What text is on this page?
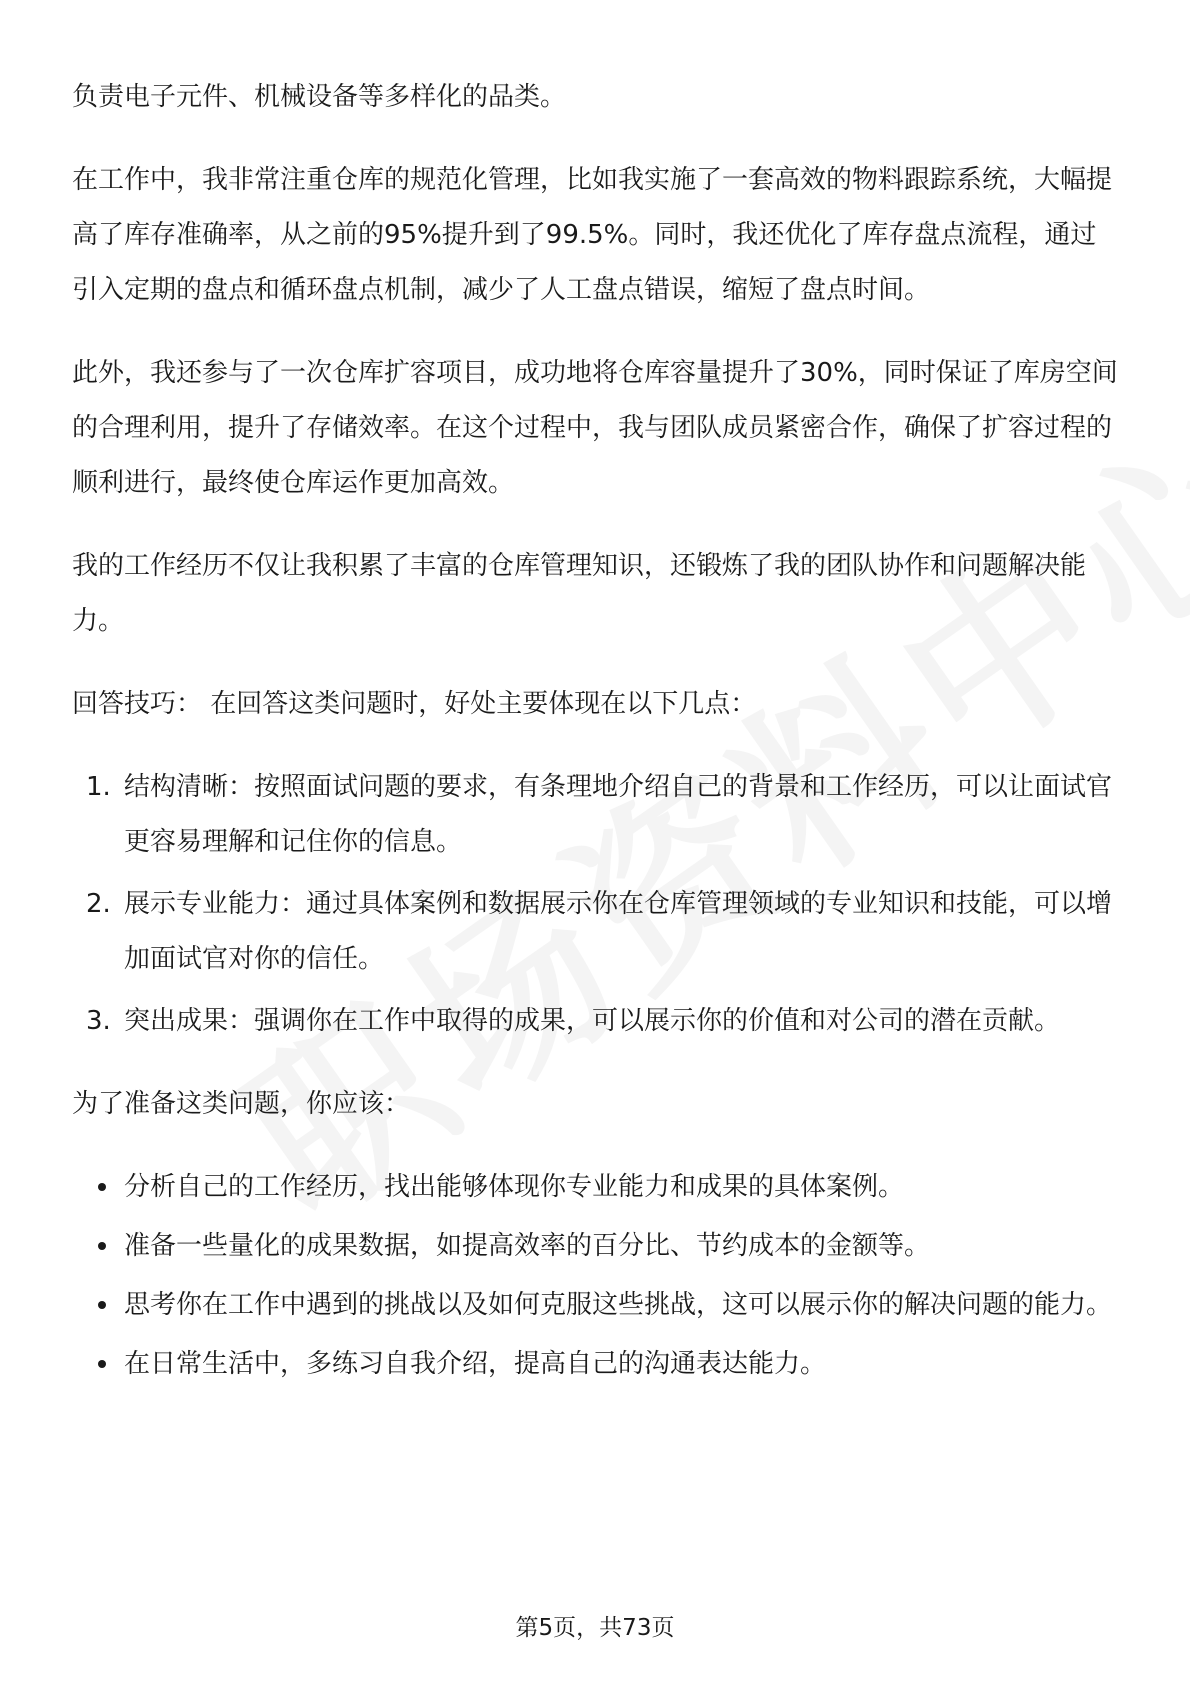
负责电子元件、机械设备等多样化的品类。

在工作中，我非常注重仓库的规范化管理，比如我实施了一套高效的物料跟踪系统，大幅提高了库存准确率，从之前的95%提升到了99.5%。同时，我还优化了库存盘点流程，通过引入定期的盘点和循环盘点机制，减少了人工盘点错误，缩短了盘点时间。

此外，我还参与了一次仓库扩容项目，成功地将仓库容量提升了30%，同时保证了库房空间的合理利用，提升了存储效率。在这个过程中，我与团队成员紧密合作，确保了扩容过程的顺利进行，最终使仓库运作更加高效。

我的工作经历不仅让我积累了丰富的仓库管理知识，还锻炼了我的团队协作和问题解决能力。

回答技巧： 在回答这类问题时，好处主要体现在以下几点：

1. 结构清晰：按照面试问题的要求，有条理地介绍自己的背景和工作经历，可以让面试官更容易理解和记住你的信息。
2. 展示专业能力：通过具体案例和数据展示你在仓库管理领域的专业知识和技能，可以增加面试官对你的信任。
3. 突出成果：强调你在工作中取得的成果，可以展示你的价值和对公司的潜在贡献。

为了准备这类问题，你应该：

分析自己的工作经历，找出能够体现你专业能力和成果的具体案例。
准备一些量化的成果数据，如提高效率的百分比、节约成本的金额等。
思考你在工作中遇到的挑战以及如何克服这些挑战，这可以展示你的解决问题的能力。
在日常生活中，多练习自我介绍，提高自己的沟通表达能力。
第5页，共73页
